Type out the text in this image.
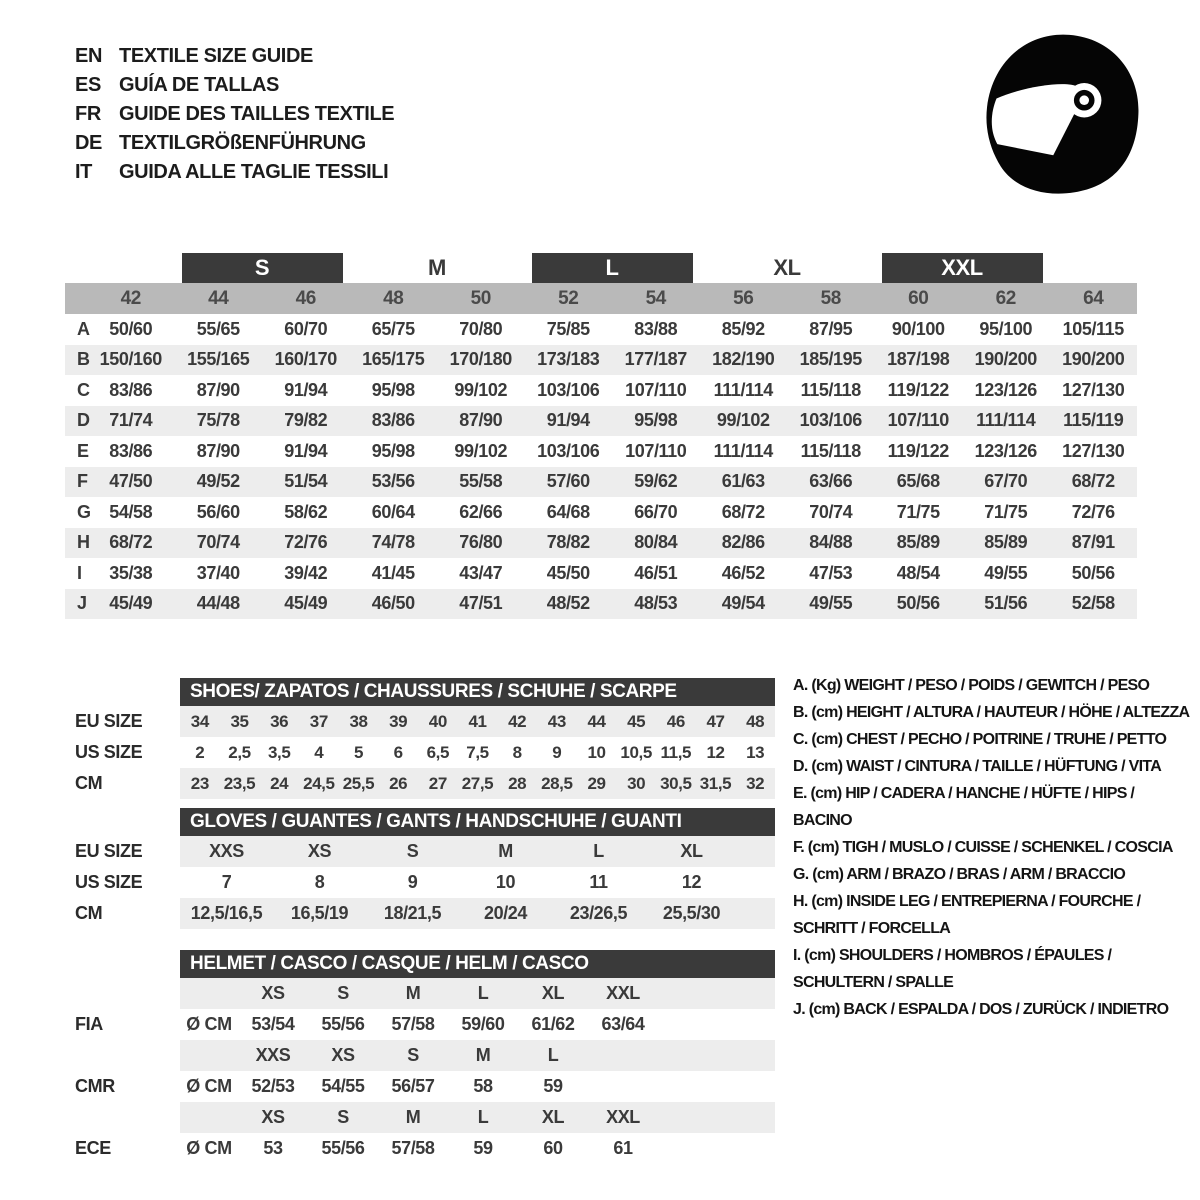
EN TEXTILE SIZE GUIDE
ES GUÍA DE TALLAS
FR GUIDE DES TAILLES TEXTILE
DE TEXTILGRÖßENFÜHRUNG
IT	GUIDA ALLE TAGLIE TESSILI
S	M	L	XL	XXL
42	44	46	48	50	52	54	56	58	60	62	64
A	50/60	55/65	60/70	65/75	70/80	75/85	83/88	85/92	87/95	90/100	95/100	105/115
B 150/160	155/165	160/170	165/175	170/180	173/183	177/187	182/190	185/195	187/198	190/200	190/200
C	83/86	87/90	91/94	95/98	99/102	103/106	107/110	111/114	115/118	119/122	123/126	127/130
D	71/74	75/78	79/82	83/86	87/90	91/94	95/98	99/102	103/106	107/110	111/114	115/119
E	83/86	87/90	91/94	95/98	99/102	103/106	107/110	111/114	115/118	119/122	123/126	127/130
F	47/50	49/52	51/54	53/56	55/58	57/60	59/62	61/63	63/66	65/68	67/70	68/72
G	54/58	56/60	58/62	60/64	62/66	64/68	66/70	68/72	70/74	71/75	71/75	72/76
H	68/72	70/74	72/76	74/78	76/80	78/82	80/84	82/86	84/88	85/89	85/89	87/91
I	35/38	37/40	39/42	41/45	43/47	45/50	46/51	46/52	47/53	48/54	49/55	50/56
J	45/49	44/48	45/49	46/50	47/51	48/52	48/53	49/54	49/55	50/56	51/56	52/58
SHOES/ ZAPATOS / CHAUSSURES / SCHUHE / SCARPE
EU SIZE	34	35	36	37	38	39	40	41	42	43	44	45	46	47	48
US SIZE	2	2,5	3,5	4	5	6	6,5	7,5	8	9	10 10,5 11,5 12	13
CM	23 23,5 24 24,5 25,5 26	27 27,5 28 28,5 29	30 30,5 31,5 32
GLOVES / GUANTES / GANTS / HANDSCHUHE / GUANTI
EU SIZE	XXS	XS	S	M	L	XL
US SIZE	7	8	9	10	11	12
CM	12,5/16,5	16,5/19	18/21,5	20/24	23/26,5	25,5/30
HELMET / CASCO / CASQUE / HELM / CASCO
XS	S	M	L	XL	XXL
FIA	Ø CM	53/54	55/56	57/58	59/60	61/62	63/64
XXS	XS	S	M	L
CMR	Ø CM	52/53	54/55	56/57	58	59
XS	S	M	L	XL	XXL
ECE	Ø CM	53	55/56	57/58	59	60	61
A. (Kg) WEIGHT / PESO / POIDS / GEWITCH / PESO
B. (cm) HEIGHT / ALTURA / HAUTEUR / HÖHE / ALTEZZA
C. (cm) CHEST / PECHO / POITRINE / TRUHE / PETTO
D. (cm) WAIST / CINTURA / TAILLE / HÜFTUNG / VITA
E. (cm) HIP / CADERA / HANCHE / HÜFTE / HIPS / BACINO
F. (cm) TIGH / MUSLO / CUISSE / SCHENKEL / COSCIA
G. (cm) ARM / BRAZO / BRAS / ARM / BRACCIO
H. (cm) INSIDE LEG / ENTREPIERNA / FOURCHE / SCHRITT / FORCELLA
I. (cm) SHOULDERS / HOMBROS / ÉPAULES / SCHULTERN / SPALLE
J. (cm) BACK / ESPALDA / DOS / ZURÜCK / INDIETRO
